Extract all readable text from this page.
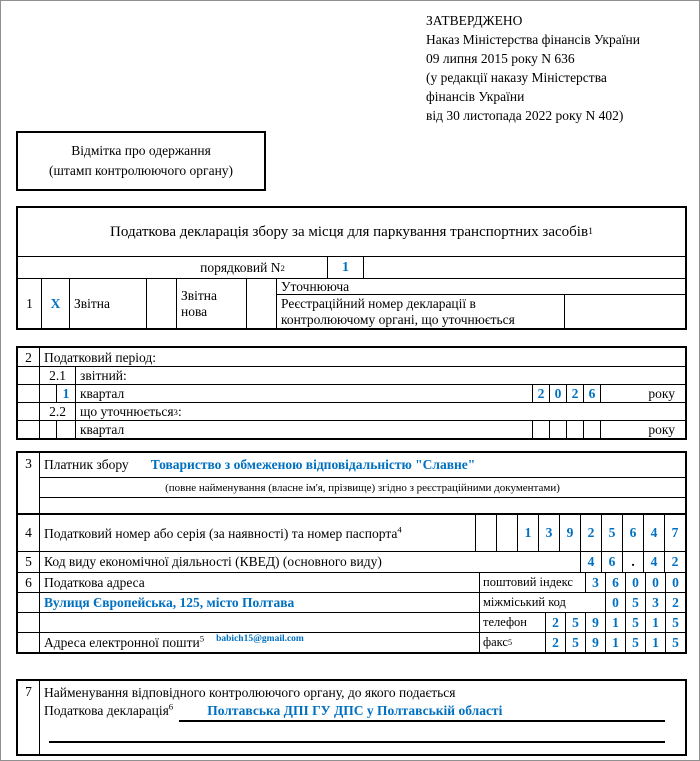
ЗАТВЕРДЖЕНО
Наказ Міністерства фінансів України
09 липня 2015 року N 636
(у редакції наказу Міністерства
фінансів України
від 30 листопада 2022 року N 402)
Відмітка про одержання
(штамп контролюючого органу)
Податкова декларація збору за місця для паркування транспортних засобів 1
порядковий N 2	1
1	X	Звітна
Звітна нова
Уточнююча
Реєстраційний номер декларації в контролюючому органі, що уточнюється
2 Податковий період:
2.1	звітний:
1 квартал	2 0 2 6	року
2.2	що уточнюється 3 :
квартал	року
3 Платник збору Товариство з обмеженою відповідальністю "Славне"
(повне найменування (власне ім'я, прізвище) згідно з реєстраційними документами)
4 Податковий номер або серія (за наявності) та номер паспорта$^4$	1	3	9	2	5	6	4	7
5 Код виду економічної діяльності (КВЕД) (основного виду)	4	6	.	4	2
6 Податкова адреса	поштовий індекс	3 6 0 0 0
Вулиця Європейська, 125, місто Полтава	міжміський код	0 5 3 2
телефон	2 5 9 1 5 1 5
Адреса електронної пошти$^5$ babich15@gmail.com	факс 5	2 5 9 1 5 1 5
7 Найменування відповідного контролюючого органу, до якого подається
Податкова декларація$^6$	Полтавська ДПІ ГУ ДПС у Полтавській області
